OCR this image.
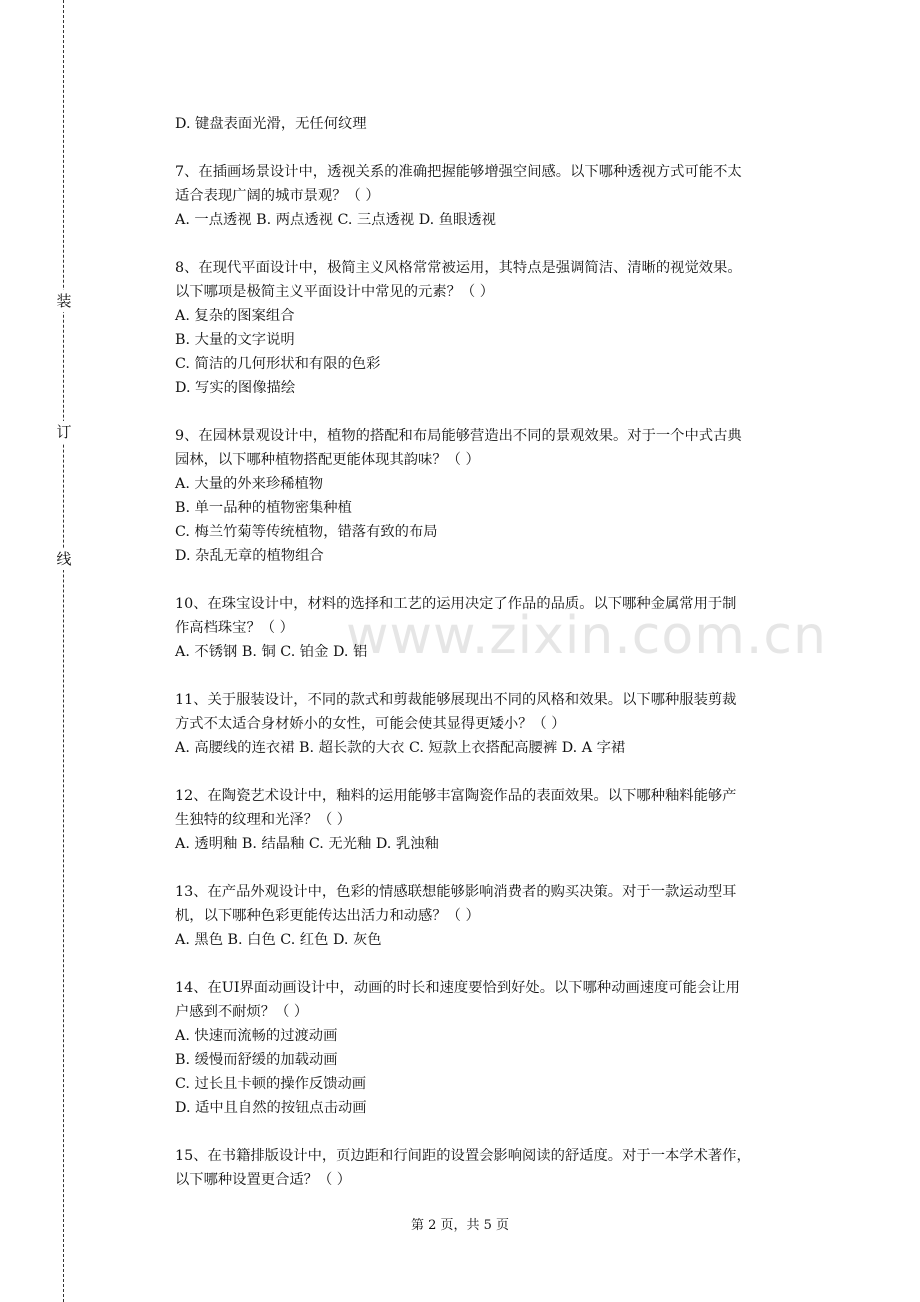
装
订
线
www.zixin.com.cn
D. 键盘表面光滑，无任何纹理
7、在插画场景设计中，透视关系的准确把握能够增强空间感。以下哪种透视方式可能不太
适合表现广阔的城市景观？（ ）
A. 一点透视 B. 两点透视 C. 三点透视 D. 鱼眼透视
8、在现代平面设计中，极简主义风格常常被运用，其特点是强调简洁、清晰的视觉效果。
以下哪项是极简主义平面设计中常见的元素？（ ）
A. 复杂的图案组合
B. 大量的文字说明
C. 简洁的几何形状和有限的色彩
D. 写实的图像描绘
9、在园林景观设计中，植物的搭配和布局能够营造出不同的景观效果。对于一个中式古典
园林，以下哪种植物搭配更能体现其韵味？（ ）
A. 大量的外来珍稀植物
B. 单一品种的植物密集种植
C. 梅兰竹菊等传统植物，错落有致的布局
D. 杂乱无章的植物组合
10、在珠宝设计中，材料的选择和工艺的运用决定了作品的品质。以下哪种金属常用于制
作高档珠宝？（ ）
A. 不锈钢 B. 铜 C. 铂金 D. 铝
11、关于服装设计，不同的款式和剪裁能够展现出不同的风格和效果。以下哪种服装剪裁
方式不太适合身材娇小的女性，可能会使其显得更矮小？（ ）
A. 高腰线的连衣裙 B. 超长款的大衣 C. 短款上衣搭配高腰裤 D. A 字裙
12、在陶瓷艺术设计中，釉料的运用能够丰富陶瓷作品的表面效果。以下哪种釉料能够产
生独特的纹理和光泽？（ ）
A. 透明釉 B. 结晶釉 C. 无光釉 D. 乳浊釉
13、在产品外观设计中，色彩的情感联想能够影响消费者的购买决策。对于一款运动型耳
机，以下哪种色彩更能传达出活力和动感？（ ）
A. 黑色 B. 白色 C. 红色 D. 灰色
14、在UI界面动画设计中，动画的时长和速度要恰到好处。以下哪种动画速度可能会让用
户感到不耐烦？（ ）
A. 快速而流畅的过渡动画
B. 缓慢而舒缓的加载动画
C. 过长且卡顿的操作反馈动画
D. 适中且自然的按钮点击动画
15、在书籍排版设计中，页边距和行间距的设置会影响阅读的舒适度。对于一本学术著作，
以下哪种设置更合适？（ ）
第 2 页，共 5 页
